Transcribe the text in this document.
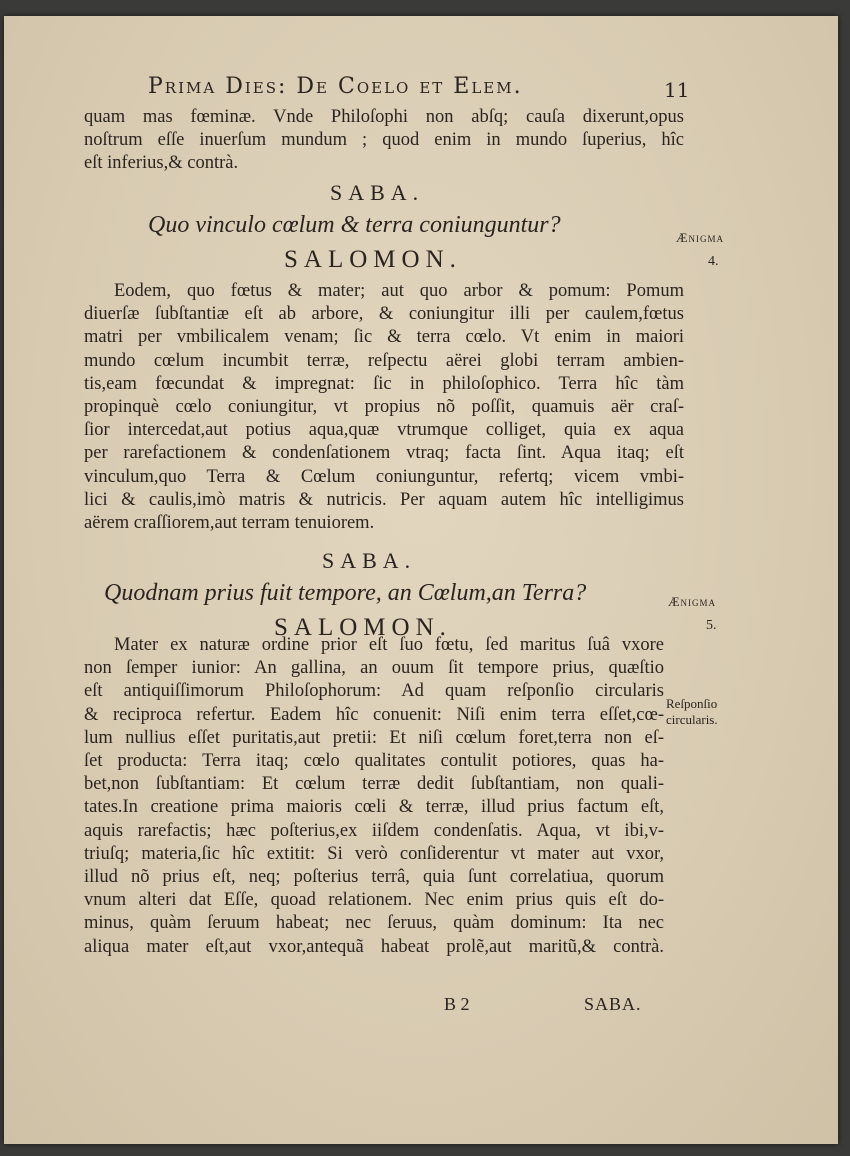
Prima Dies: De Coelo et Elem.	11
quam mas fœminæ. Vnde Philoſophi non abſq; cauſa dixerunt,opus
noſtrum eſſe inuerſum mundum ; quod enim in mundo ſuperius, hîc
eſt inferius,& contrà.
SABA.
Quo vinculo cœlum & terra coniunguntur?	Ænigma
4.
SALOMON.
Eodem, quo fœtus & mater; aut quo arbor & pomum: Pomum
diuerſæ ſubſtantiæ eſt ab arbore, & coniungitur illi per caulem,fœtus
matri per vmbilicalem venam; ſic & terra cœlo. Vt enim in maiori
mundo cœlum incumbit terræ, reſpectu aërei globi terram ambien-
tis,eam fœcundat & impregnat: ſic in philoſophico. Terra hîc tàm
propinquè cœlo coniungitur, vt propius nõ poſſit, quamuis aër craſ-
ſior intercedat,aut potius aqua,quæ vtrumque colliget, quia ex aqua
per rarefactionem & condenſationem vtraq; facta ſint. Aqua itaq; eſt
vinculum,quo Terra & Cœlum coniunguntur, refertq; vicem vmbi-
lici & caulis,imò matris & nutricis. Per aquam autem hîc intelligimus
aërem craſſiorem,aut terram tenuiorem.
SABA.
Quodnam prius fuit tempore, an Cœlum,an Terra?	Ænigma
5.
SALOMON.
Reſponſio
circularis.
Mater ex naturæ ordine prior eſt ſuo fœtu, ſed maritus ſuâ vxore
non ſemper iunior: An gallina, an ouum ſit tempore prius, quæſtio
eſt antiquiſſimorum Philoſophorum: Ad quam reſponſio circularis
& reciproca refertur. Eadem hîc conuenit: Niſi enim terra eſſet,cœ-
lum nullius eſſet puritatis,aut pretii: Et niſi cœlum foret,terra non eſ-
ſet producta: Terra itaq; cœlo qualitates contulit potiores, quas ha-
bet,non ſubſtantiam: Et cœlum terræ dedit ſubſtantiam, non quali-
tates.In creatione prima maioris cœli & terræ, illud prius factum eſt,
aquis rarefactis; hæc poſterius,ex iiſdem condenſatis. Aqua, vt ibi,v-
triuſq; materia,ſic hîc extitit: Si verò conſiderentur vt mater aut vxor,
illud nõ prius eſt, neq; poſterius terrâ, quia ſunt correlatiua, quorum
vnum alteri dat Eſſe, quoad relationem. Nec enim prius quis eſt do-
minus, quàm ſeruum habeat; nec ſeruus, quàm dominum: Ita nec
aliqua mater eſt,aut vxor,antequã habeat prolẽ,aut maritũ,& contrà.
B 2	SABA.
